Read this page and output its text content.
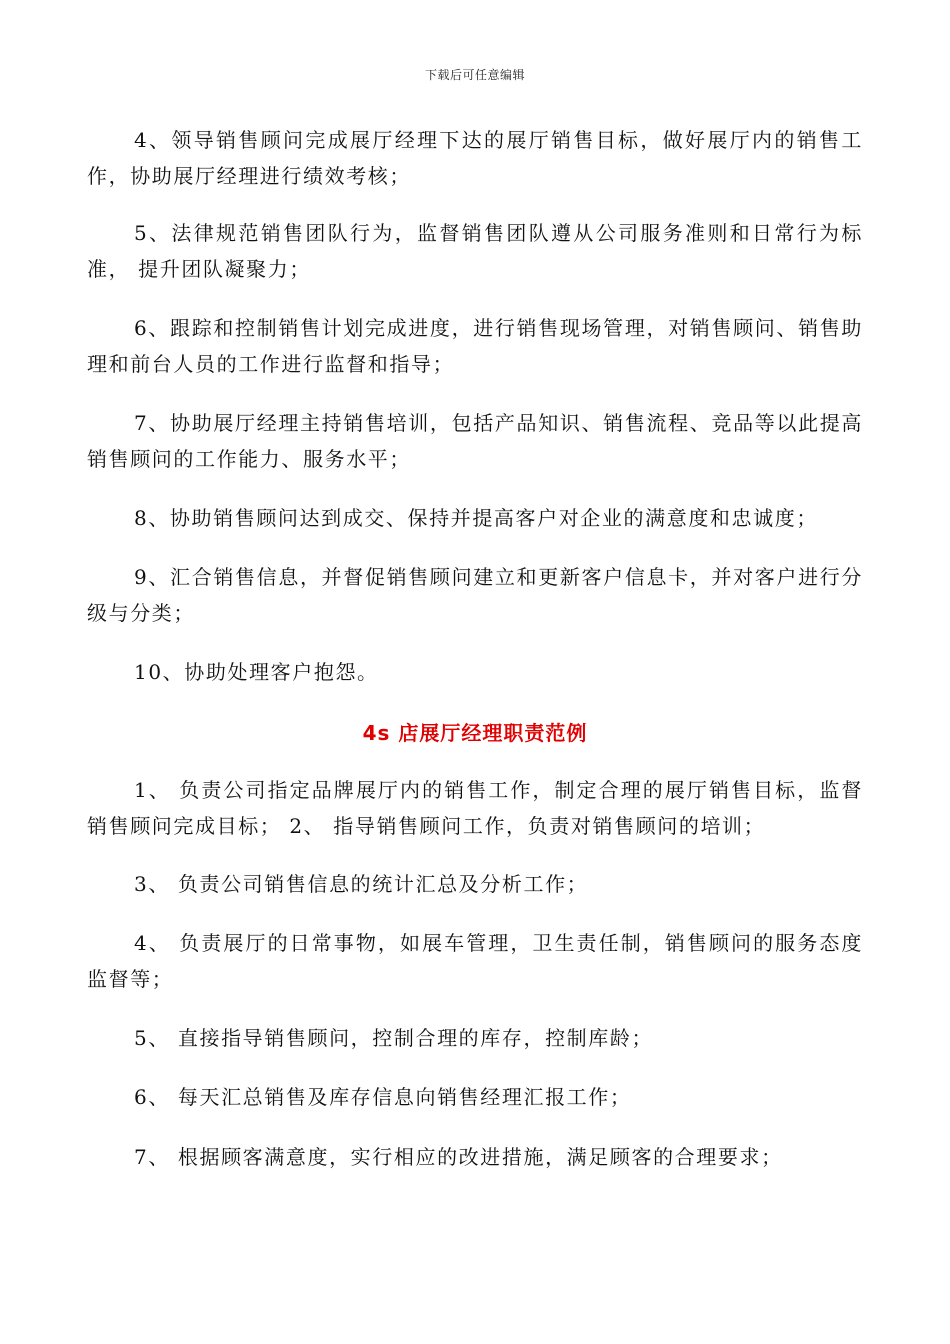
下载后可任意编辑

4、领导销售顾问完成展厅经理下达的展厅销售目标，做好展厅内的销售工作，协助展厅经理进行绩效考核；

5、法律规范销售团队行为，监督销售团队遵从公司服务准则和日常行为标准， 提升团队凝聚力；

6、跟踪和控制销售计划完成进度，进行销售现场管理，对销售顾问、销售助理和前台人员的工作进行监督和指导；

7、协助展厅经理主持销售培训，包括产品知识、销售流程、竞品等以此提高销售顾问的工作能力、服务水平；

8、协助销售顾问达到成交、保持并提高客户对企业的满意度和忠诚度；

9、汇合销售信息，并督促销售顾问建立和更新客户信息卡，并对客户进行分级与分类；

10、协助处理客户抱怨。

4s 店展厅经理职责范例

1、 负责公司指定品牌展厅内的销售工作，制定合理的展厅销售目标，监督销售顾问完成目标； 2、 指导销售顾问工作，负责对销售顾问的培训；

3、 负责公司销售信息的统计汇总及分析工作；

4、 负责展厅的日常事物，如展车管理，卫生责任制，销售顾问的服务态度监督等；

5、 直接指导销售顾问，控制合理的库存，控制库龄；

6、 每天汇总销售及库存信息向销售经理汇报工作；

7、 根据顾客满意度，实行相应的改进措施，满足顾客的合理要求；
